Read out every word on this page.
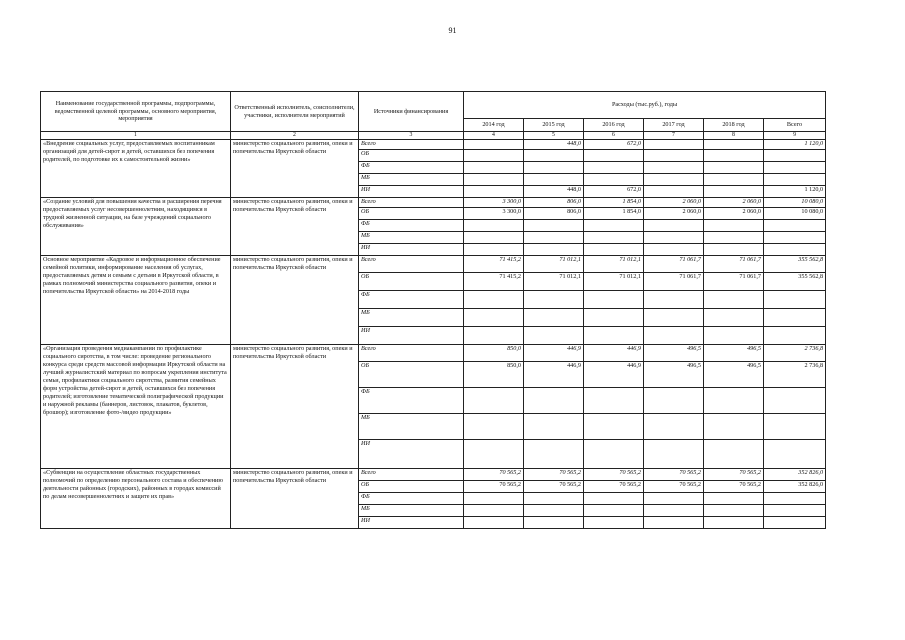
91
Наименование государственной программы, подпрограммы, ведомственной целевой программы, основного мероприятия, мероприятия	Ответственный исполнитель, соисполнители, участники, исполнители мероприятий	Источники финансирования	Расходы (тыс.руб.), годы					
			2014 год	2015 год	2016 год	2017 год	2018 год	Всего
1	2	3	4	5	6	7	8	9
«Внедрение социальных услуг, предоставляемых воспитанникам организаций для детей-сирот и детей, оставшихся без попечения родителей, по подготовке их к самостоятельной жизни»	министерство социального развития, опеки и попечительства Иркутской области	Всего		448,0	672,0			1 120,0
		ОБ						
		ФБ						
		МБ						
		ИИ		448,0	672,0			1 120,0
«Создание условий для повышения качества и расширения перечня предоставляемых услуг несовершеннолетним, находящимся в трудной жизненной ситуации, на базе учреждений социального обслуживания»	министерство социального развития, опеки и попечительства Иркутской области	Всего	3 300,0	806,0	1 854,0	2 060,0	2 060,0	10 080,0
		ОБ	3 300,0	806,0	1 854,0	2 060,0	2 060,0	10 080,0
		ФБ						
		МБ						
		ИИ						
Основное мероприятие «Кадровое и информационное обеспечение семейной политики, информирование населения об услугах, предоставляемых детям и семьям с детьми в Иркутской области, в рамках полномочий министерства социального развития, опеки и попечительства Иркутской области» на 2014-2018 годы	министерство социального развития, опеки и попечительства Иркутской области	Всего	71 415,2	71 012,1	71 012,1	71 061,7	71 061,7	355 562,8
		ОБ	71 415,2	71 012,1	71 012,1	71 061,7	71 061,7	355 562,8
		ФБ						
		МБ						
		ИИ						
«Организация проведения медиакампании по профилактике социального сиротства, в том числе: проведение регионального конкурса среди средств массовой информации Иркутской области на лучший журналистский материал по вопросам укрепления института семьи, профилактики социального сиротства, развития семейных форм устройства детей-сирот и детей, оставшихся без попечения родителей; изготовление тематической полиграфической продукции и наружной рекламы (баннеров, листовок, плакатов, буклетов, брошюр); изготовление фото-/видео продукции»	министерство социального развития, опеки и попечительства Иркутской области	Всего	850,0	446,9	446,9	496,5	496,5	2 736,8
		ОБ	850,0	446,9	446,9	496,5	496,5	2 736,8
		ФБ						
		МБ						
		ИИ						
«Субвенции на осуществление областных государственных полномочий по определению персонального состава и обеспечению деятельности районных (городских), районных в городах комиссий по делам несовершеннолетних и защите их прав»	министерство социального развития, опеки и попечительства Иркутской области	Всего	70 565,2	70 565,2	70 565,2	70 565,2	70 565,2	352 826,0
		ОБ	70 565,2	70 565,2	70 565,2	70 565,2	70 565,2	352 826,0
		ФБ						
		МБ						
		ИИ						
